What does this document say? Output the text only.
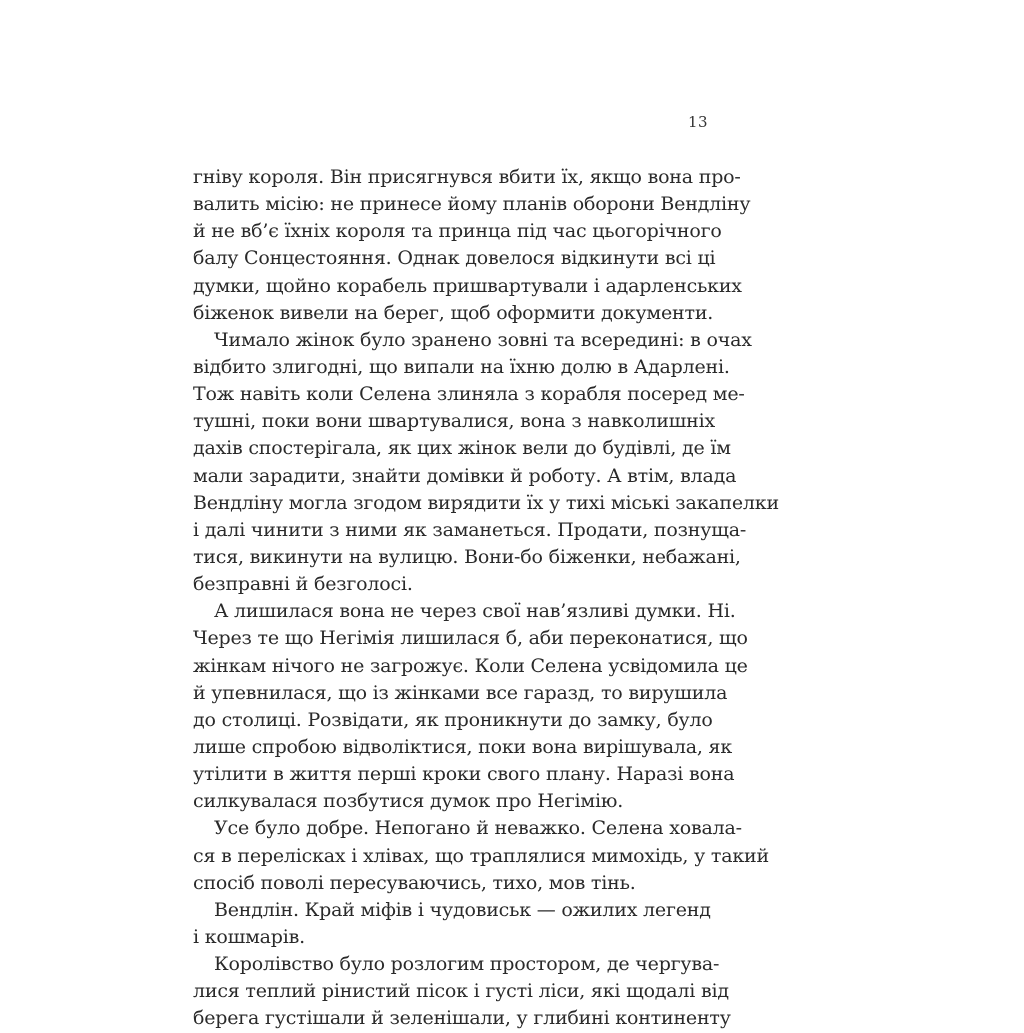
13
гніву короля. Він присягнувся вбити їх, якщо вона про-
валить місію: не принесе йому планів оборони Вендліну
й не вб’є їхніх короля та принца під час цьогорічного
балу Сонцестояння. Однак довелося відкинути всі ці
думки, щойно корабель пришвартували і адарленських
біженок вивели на берег, щоб оформити документи.
Чимало жінок було зранено зовні та всередині: в очах
відбито злигодні, що випали на їхню долю в Адарлені.
Тож навіть коли Селена злиняла з корабля посеред ме-
тушні, поки вони швартувалися, вона з навколишніх
дахів спостерігала, як цих жінок вели до будівлі, де їм
мали зарадити, знайти домівки й роботу. А втім, влада
Вендліну могла згодом вирядити їх у тихі міські закапелки
і далі чинити з ними як заманеться. Продати, познуща-
тися, викинути на вулицю. Вони-бо біженки, небажані,
безправні й безголосі.
А лишилася вона не через свої нав’язливі думки. Ні.
Через те що Негімія лишилася б, аби переконатися, що
жінкам нічого не загрожує. Коли Селена усвідомила це
й упевнилася, що із жінками все гаразд, то вирушила
до столиці. Розвідати, як проникнути до замку, було
лише спробою відволіктися, поки вона вирішувала, як
утілити в життя перші кроки свого плану. Наразі вона
силкувалася позбутися думок про Негімію.
Усе було добре. Непогано й неважко. Селена ховала-
ся в перелісках і хлівах, що траплялися мимохідь, у такий
спосіб поволі пересуваючись, тихо, мов тінь.
Вендлін. Край міфів і чудовиськ — ожилих легенд
і кошмарів.
Королівство було розлогим простором, де чергува-
лися теплий рінистий пісок і густі ліси, які щодалі від
берега густішали й зеленішали, у глибині континенту
